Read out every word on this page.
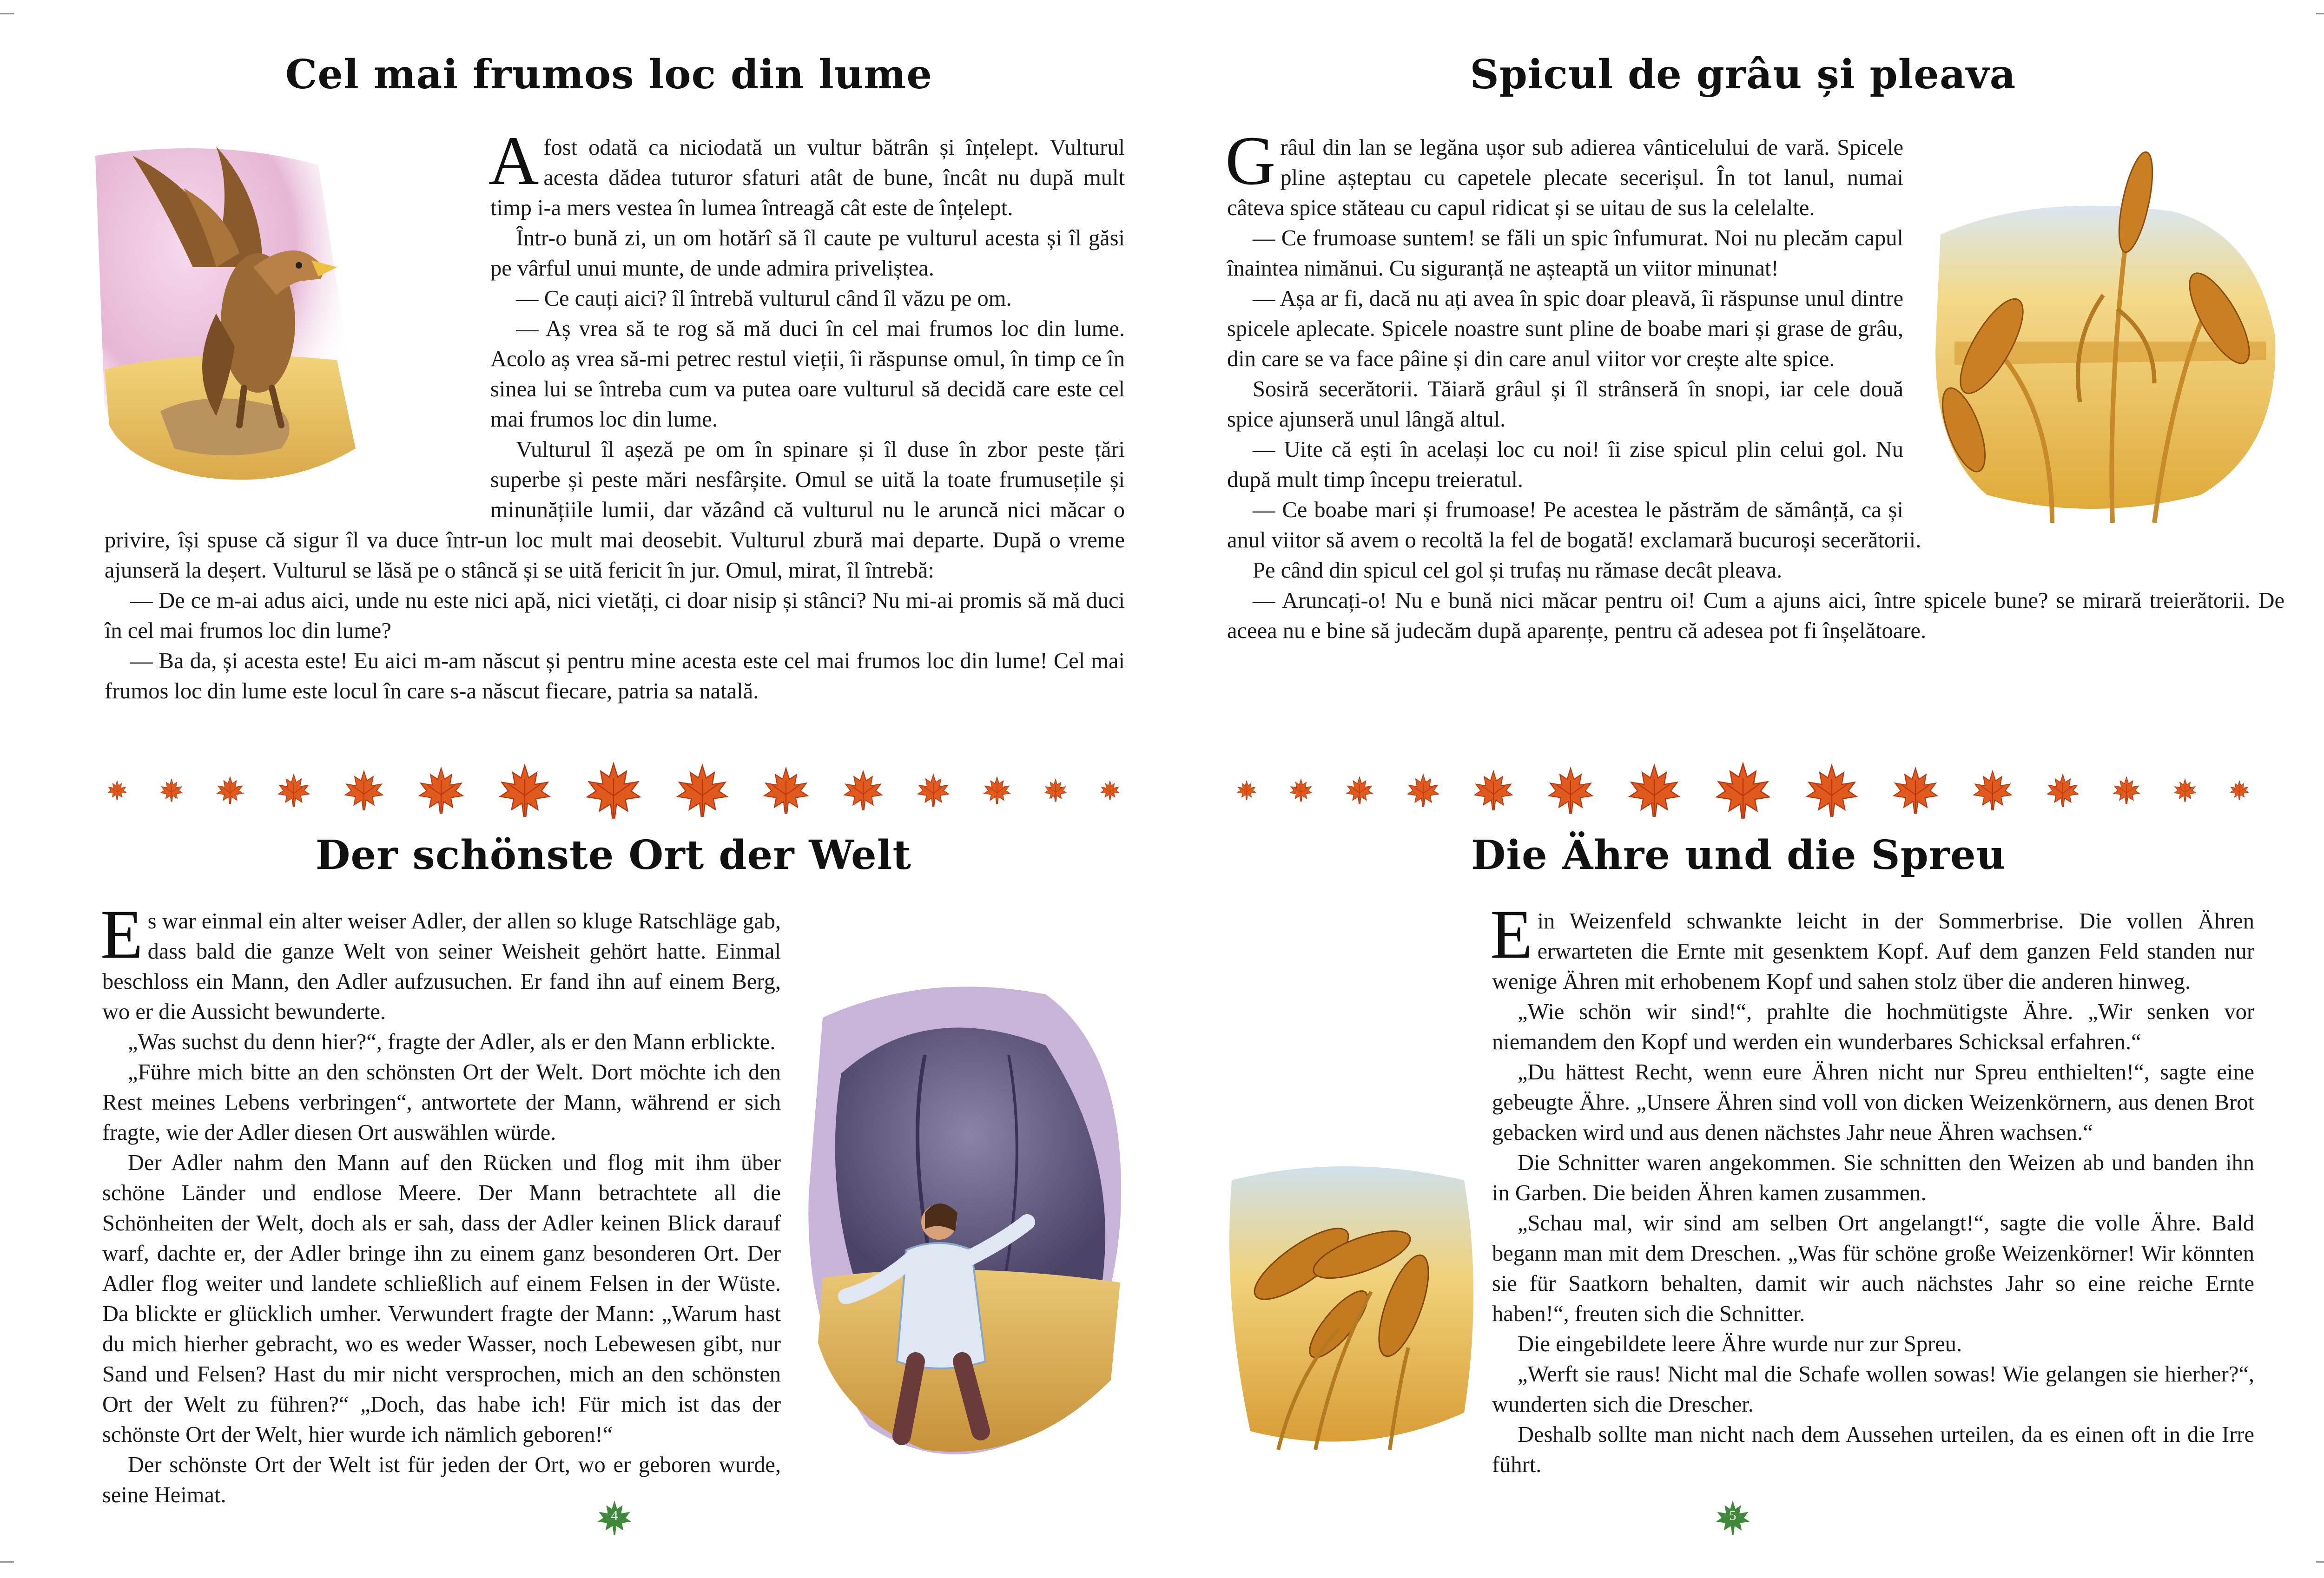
Cel mai frumos loc din lume

Afost odată ca niciodată un vultur bătrân și înțelept. Vulturul acesta dădea tuturor sfaturi atât de bune, încât nu după mult timp i-a mers vestea în lumea întreagă cât este de înțelept.

Într-o bună zi, un om hotărî să îl caute pe vulturul acesta și îl găsi pe vârful unui munte, de unde admira priveliștea.

— Ce cauți aici? îl întrebă vulturul când îl văzu pe om.

— Aș vrea să te rog să mă duci în cel mai frumos loc din lume. Acolo aș vrea să-mi petrec restul vieții, îi răspunse omul, în timp ce în sinea lui se întreba cum va putea oare vulturul să decidă care este cel mai frumos loc din lume.

Vulturul îl așeză pe om în spinare și îl duse în zbor peste țări superbe și peste mări nesfârșite. Omul se uită la toate frumusețile și minunățiile lumii, dar văzând că vulturul nu le aruncă nici măcar o privire, își spuse că sigur îl va duce într-un loc mult mai deosebit. Vulturul zbură mai departe. După o vreme ajunseră la deșert. Vulturul se lăsă pe o stâncă și se uită fericit în jur. Omul, mirat, îl întrebă:

— De ce m-ai adus aici, unde nu este nici apă, nici vietăți, ci doar nisip și stânci? Nu mi-ai promis să mă duci în cel mai frumos loc din lume?

— Ba da, și acesta este! Eu aici m-am născut și pentru mine acesta este cel mai frumos loc din lume! Cel mai frumos loc din lume este locul în care s-a născut fiecare, patria sa natală.

Spicul de grâu și pleava

Grâul din lan se legăna ușor sub adierea vânticelului de vară. Spicele pline așteptau cu capetele plecate secerișul. În tot lanul, numai câteva spice stăteau cu capul ridicat și se uitau de sus la celelalte.

— Ce frumoase suntem! se făli un spic înfumurat. Noi nu plecăm capul înaintea nimănui. Cu siguranță ne așteaptă un viitor minunat!

— Așa ar fi, dacă nu ați avea în spic doar pleavă, îi răspunse unul dintre spicele aplecate. Spicele noastre sunt pline de boabe mari și grase de grâu, din care se va face pâine și din care anul viitor vor crește alte spice.

Sosiră secerătorii. Tăiară grâul și îl strânseră în snopi, iar cele două spice ajunseră unul lângă altul.

— Uite că ești în același loc cu noi! îi zise spicul plin celui gol. Nu după mult timp începu treieratul.

— Ce boabe mari și frumoase! Pe acestea le păstrăm de sămânță, ca și anul viitor să avem o recoltă la fel de bogată! exclamară bucuroși secerătorii.

Pe când din spicul cel gol și trufaș nu rămase decât pleava.

— Aruncați-o! Nu e bună nici măcar pentru oi! Cum a ajuns aici, între spicele bune? se mirară treierătorii. De aceea nu e bine să judecăm după aparențe, pentru că adesea pot fi înșelătoare.

Der schönste Ort der Welt

Es war einmal ein alter weiser Adler, der allen so kluge Ratschläge gab, dass bald die ganze Welt von seiner Weisheit gehört hatte. Einmal beschloss ein Mann, den Adler aufzusuchen. Er fand ihn auf einem Berg, wo er die Aussicht bewunderte.

„Was suchst du denn hier?“, fragte der Adler, als er den Mann erblickte.

„Führe mich bitte an den schönsten Ort der Welt. Dort möchte ich den Rest meines Lebens verbringen“, antwortete der Mann, während er sich fragte, wie der Adler diesen Ort auswählen würde.

Der Adler nahm den Mann auf den Rücken und flog mit ihm über schöne Länder und endlose Meere. Der Mann betrachtete all die Schönheiten der Welt, doch als er sah, dass der Adler keinen Blick darauf warf, dachte er, der Adler bringe ihn zu einem ganz besonderen Ort. Der Adler flog weiter und landete schließlich auf einem Felsen in der Wüste. Da blickte er glücklich umher. Verwundert fragte der Mann: „Warum hast du mich hierher gebracht, wo es weder Wasser, noch Lebewesen gibt, nur Sand und Felsen? Hast du mir nicht versprochen, mich an den schönsten Ort der Welt zu führen?“ „Doch, das habe ich! Für mich ist das der schönste Ort der Welt, hier wurde ich nämlich geboren!“

Der schönste Ort der Welt ist für jeden der Ort, wo er geboren wurde, seine Heimat.

Die Ähre und die Spreu

Ein Weizenfeld schwankte leicht in der Sommerbrise. Die vollen Ähren erwarteten die Ernte mit gesenktem Kopf. Auf dem ganzen Feld standen nur wenige Ähren mit erhobenem Kopf und sahen stolz über die anderen hinweg.

„Wie schön wir sind!“, prahlte die hochmütigste Ähre. „Wir senken vor niemandem den Kopf und werden ein wunderbares Schicksal erfahren.“

„Du hättest Recht, wenn eure Ähren nicht nur Spreu enthielten!“, sagte eine gebeugte Ähre. „Unsere Ähren sind voll von dicken Weizenkörnern, aus denen Brot gebacken wird und aus denen nächstes Jahr neue Ähren wachsen.“

Die Schnitter waren angekommen. Sie schnitten den Weizen ab und banden ihn in Garben. Die beiden Ähren kamen zusammen.

„Schau mal, wir sind am selben Ort angelangt!“, sagte die volle Ähre. Bald begann man mit dem Dreschen. „Was für schöne große Weizenkörner! Wir könnten sie für Saatkorn behalten, damit wir auch nächstes Jahr so eine reiche Ernte haben!“, freuten sich die Schnitter.

Die eingebildete leere Ähre wurde nur zur Spreu.

„Werft sie raus! Nicht mal die Schafe wollen sowas! Wie gelangen sie hierher?“, wunderten sich die Drescher.

Deshalb sollte man nicht nach dem Aussehen urteilen, da es einen oft in die Irre führt.

4	5
